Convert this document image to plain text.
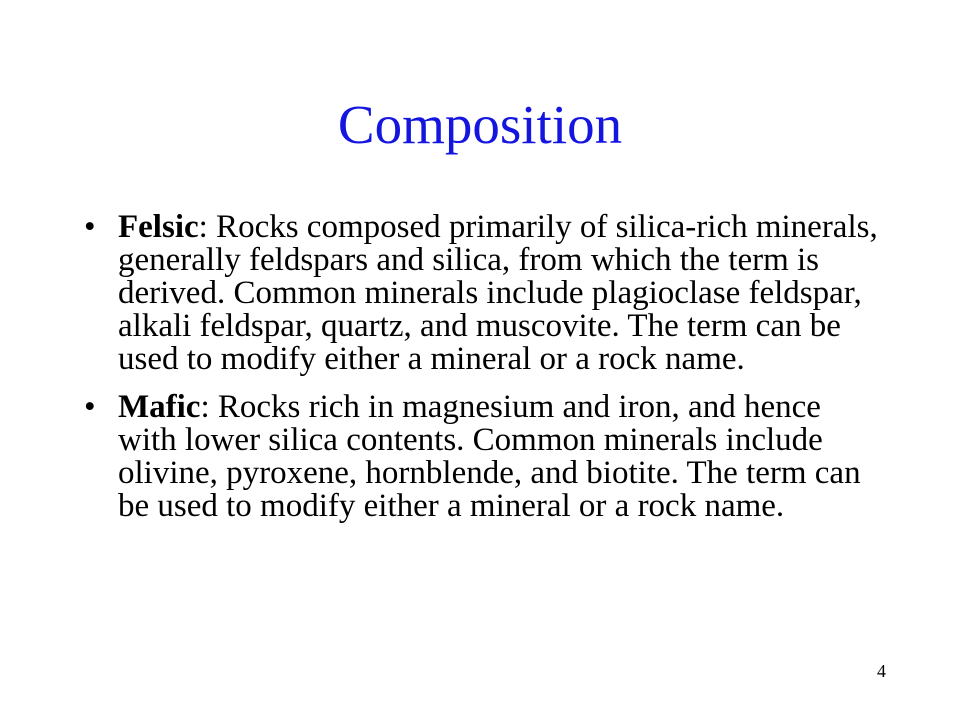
Composition
• Felsic: Rocks composed primarily of silica-rich minerals, generally feldspars and silica, from which the term is derived. Common minerals include plagioclase feldspar, alkali feldspar, quartz, and muscovite. The term can be used to modify either a mineral or a rock name.
• Mafic: Rocks rich in magnesium and iron, and hence with lower silica contents. Common minerals include olivine, pyroxene, hornblende, and biotite. The term can be used to modify either a mineral or a rock name.
4
